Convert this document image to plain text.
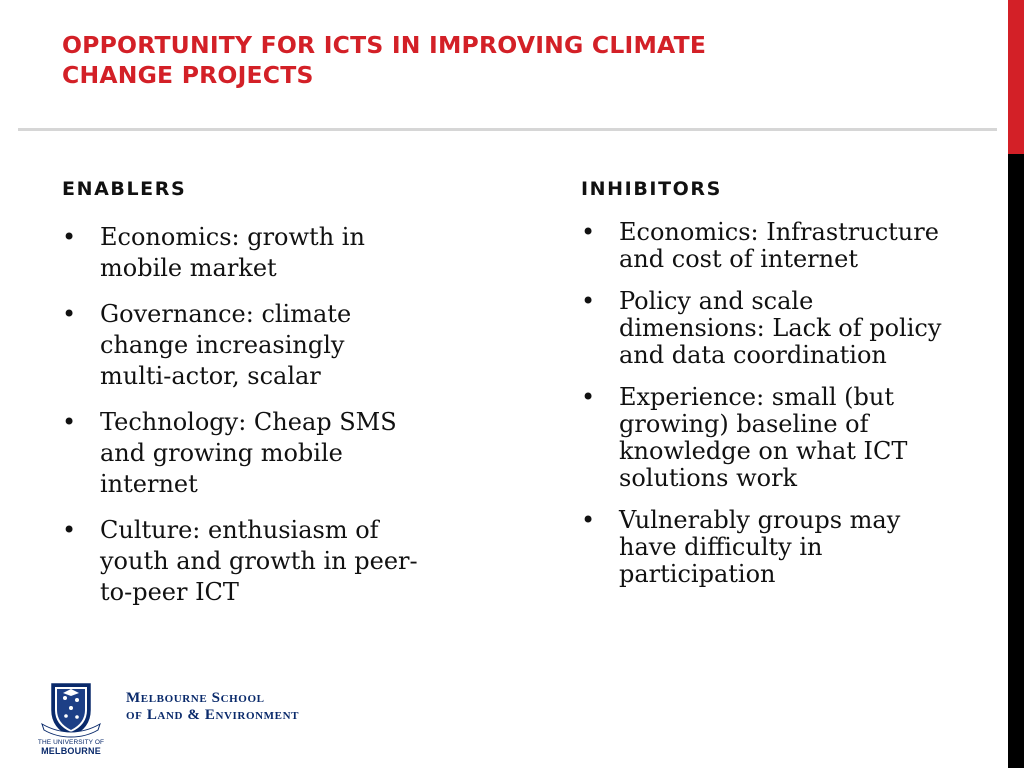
OPPORTUNITY FOR ICTS IN IMPROVING CLIMATE
CHANGE PROJECTS
ENABLERS
• Economics: growth in mobile market
• Governance: climate change increasingly multi-actor, scalar
• Technology: Cheap SMS and growing mobile internet
• Culture: enthusiasm of youth and growth in peer-to-peer ICT
INHIBITORS
• Economics: Infrastructure and cost of internet
• Policy and scale dimensions: Lack of policy and data coordination
• Experience: small (but growing) baseline of knowledge on what ICT solutions work
• Vulnerably groups may have difficulty in participation
THE UNIVERSITY OF
MELBOURNE
Melbourne School
of Land & Environment
